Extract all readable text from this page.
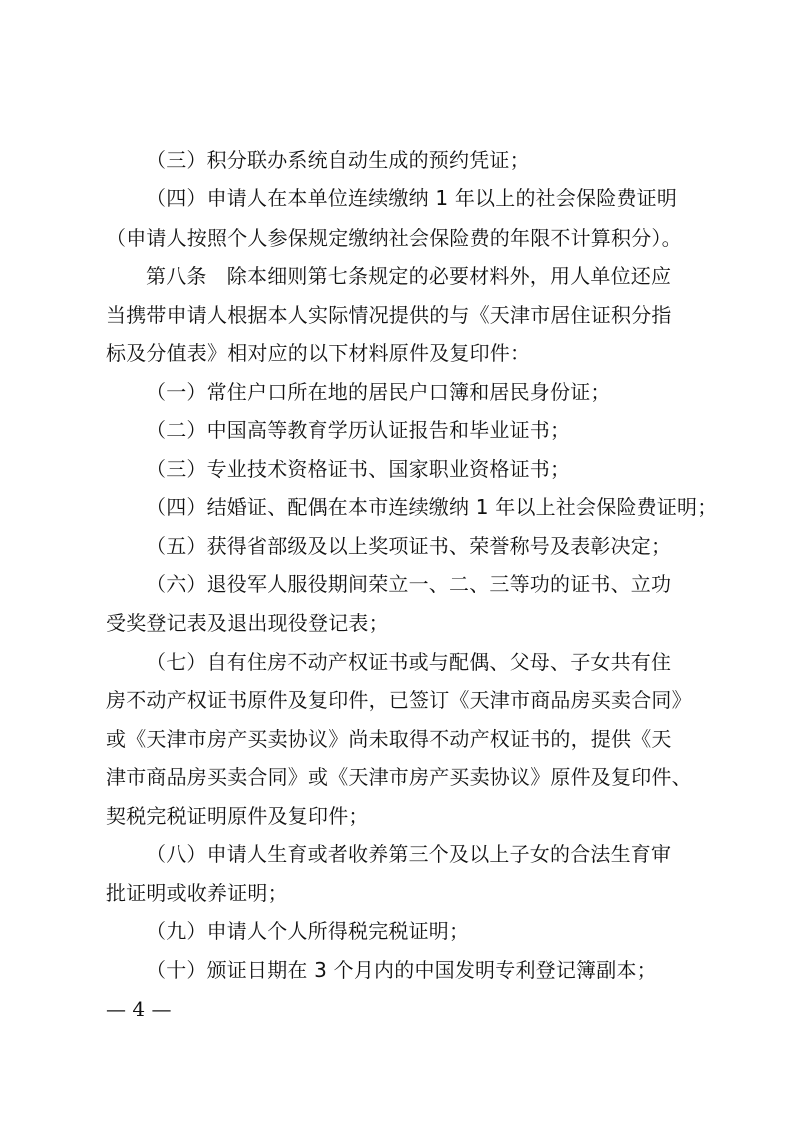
（三）积分联办系统自动生成的预约凭证；
（四）申请人在本单位连续缴纳 1 年以上的社会保险费证明
（申请人按照个人参保规定缴纳社会保险费的年限不计算积分）。
第八条　除本细则第七条规定的必要材料外，用人单位还应
当携带申请人根据本人实际情况提供的与《天津市居住证积分指
标及分值表》相对应的以下材料原件及复印件：
（一）常住户口所在地的居民户口簿和居民身份证；
（二）中国高等教育学历认证报告和毕业证书；
（三）专业技术资格证书、国家职业资格证书；
（四）结婚证、配偶在本市连续缴纳 1 年以上社会保险费证明；
（五）获得省部级及以上奖项证书、荣誉称号及表彰决定；
（六）退役军人服役期间荣立一、二、三等功的证书、立功
受奖登记表及退出现役登记表；
（七）自有住房不动产权证书或与配偶、父母、子女共有住
房不动产权证书原件及复印件，已签订《天津市商品房买卖合同》
或《天津市房产买卖协议》尚未取得不动产权证书的，提供《天
津市商品房买卖合同》或《天津市房产买卖协议》原件及复印件、
契税完税证明原件及复印件；
（八）申请人生育或者收养第三个及以上子女的合法生育审
批证明或收养证明；
（九）申请人个人所得税完税证明；
（十）颁证日期在 3 个月内的中国发明专利登记簿副本；
— 4 —
